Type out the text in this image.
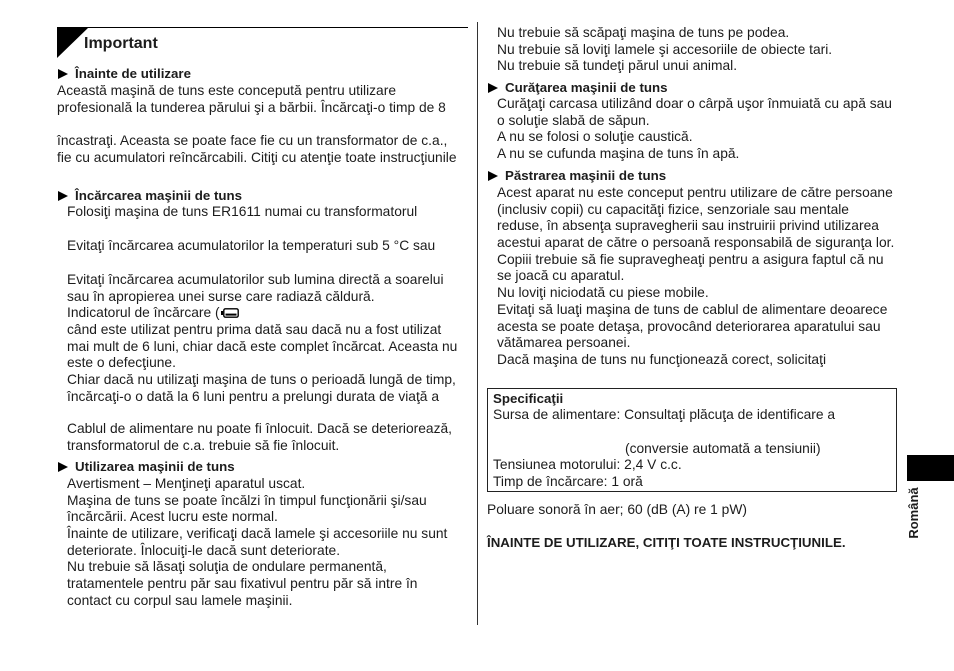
Important
Înainte de utilizare
Această maşină de tuns este concepută pentru utilizare
profesională la tunderea părului şi a bărbii. Încărcaţi-o timp de 8
încastraţi. Aceasta se poate face fie cu un transformator de c.a.,
fie cu acumulatori reîncărcabili. Citiţi cu atenţie toate instrucţiunile
Încărcarea maşinii de tuns
Folosiţi maşina de tuns ER1611 numai cu transformatorul
Evitaţi încărcarea acumulatorilor la temperaturi sub 5 °C sau
Evitaţi încărcarea acumulatorilor sub lumina directă a soarelui
sau în apropierea unei surse care radiază căldură.
Indicatorul de încărcare (
când este utilizat pentru prima dată sau dacă nu a fost utilizat
mai mult de 6 luni, chiar dacă este complet încărcat. Aceasta nu
este o defecţiune.
Chiar dacă nu utilizaţi maşina de tuns o perioadă lungă de timp,
încărcaţi-o o dată la 6 luni pentru a prelungi durata de viaţă a
Cablul de alimentare nu poate fi înlocuit. Dacă se deteriorează,
transformatorul de c.a. trebuie să fie înlocuit.
Utilizarea maşinii de tuns
Avertisment – Menţineţi aparatul uscat.
Maşina de tuns se poate încălzi în timpul funcţionării şi/sau
încărcării. Acest lucru este normal.
Înainte de utilizare, verificaţi dacă lamele şi accesoriile nu sunt
deteriorate. Înlocuiţi-le dacă sunt deteriorate.
Nu trebuie să lăsaţi soluţia de ondulare permanentă,
tratamentele pentru păr sau fixativul pentru păr să intre în
contact cu corpul sau lamele maşinii.
Nu trebuie să scăpaţi maşina de tuns pe podea.
Nu trebuie să loviţi lamele şi accesoriile de obiecte tari.
Nu trebuie să tundeţi părul unui animal.
Curăţarea maşinii de tuns
Curăţaţi carcasa utilizând doar o cârpă uşor înmuiată cu apă sau
o soluţie slabă de săpun.
A nu se folosi o soluţie caustică.
A nu se cufunda maşina de tuns în apă.
Păstrarea maşinii de tuns
Acest aparat nu este conceput pentru utilizare de către persoane
(inclusiv copii) cu capacităţi fizice, senzoriale sau mentale
reduse, în absenţa supravegherii sau instruirii privind utilizarea
acestui aparat de către o persoană responsabilă de siguranţa lor.
Copiii trebuie să fie supravegheaţi pentru a asigura faptul că nu
se joacă cu aparatul.
Nu loviţi niciodată cu piese mobile.
Evitaţi să luaţi maşina de tuns de cablul de alimentare deoarece
acesta se poate detaşa, provocând deteriorarea aparatului sau
vătămarea persoanei.
Dacă maşina de tuns nu funcţionează corect, solicitaţi
Specificaţii
Sursa de alimentare: Consultaţi plăcuţa de identificare a
(conversie automată a tensiunii)
Tensiunea motorului: 2,4 V c.c.
Timp de încărcare: 1 oră
Poluare sonoră în aer; 60 (dB (A) re 1 pW)
ÎNAINTE DE UTILIZARE, CITIŢI TOATE INSTRUCŢIUNILE.
Română
